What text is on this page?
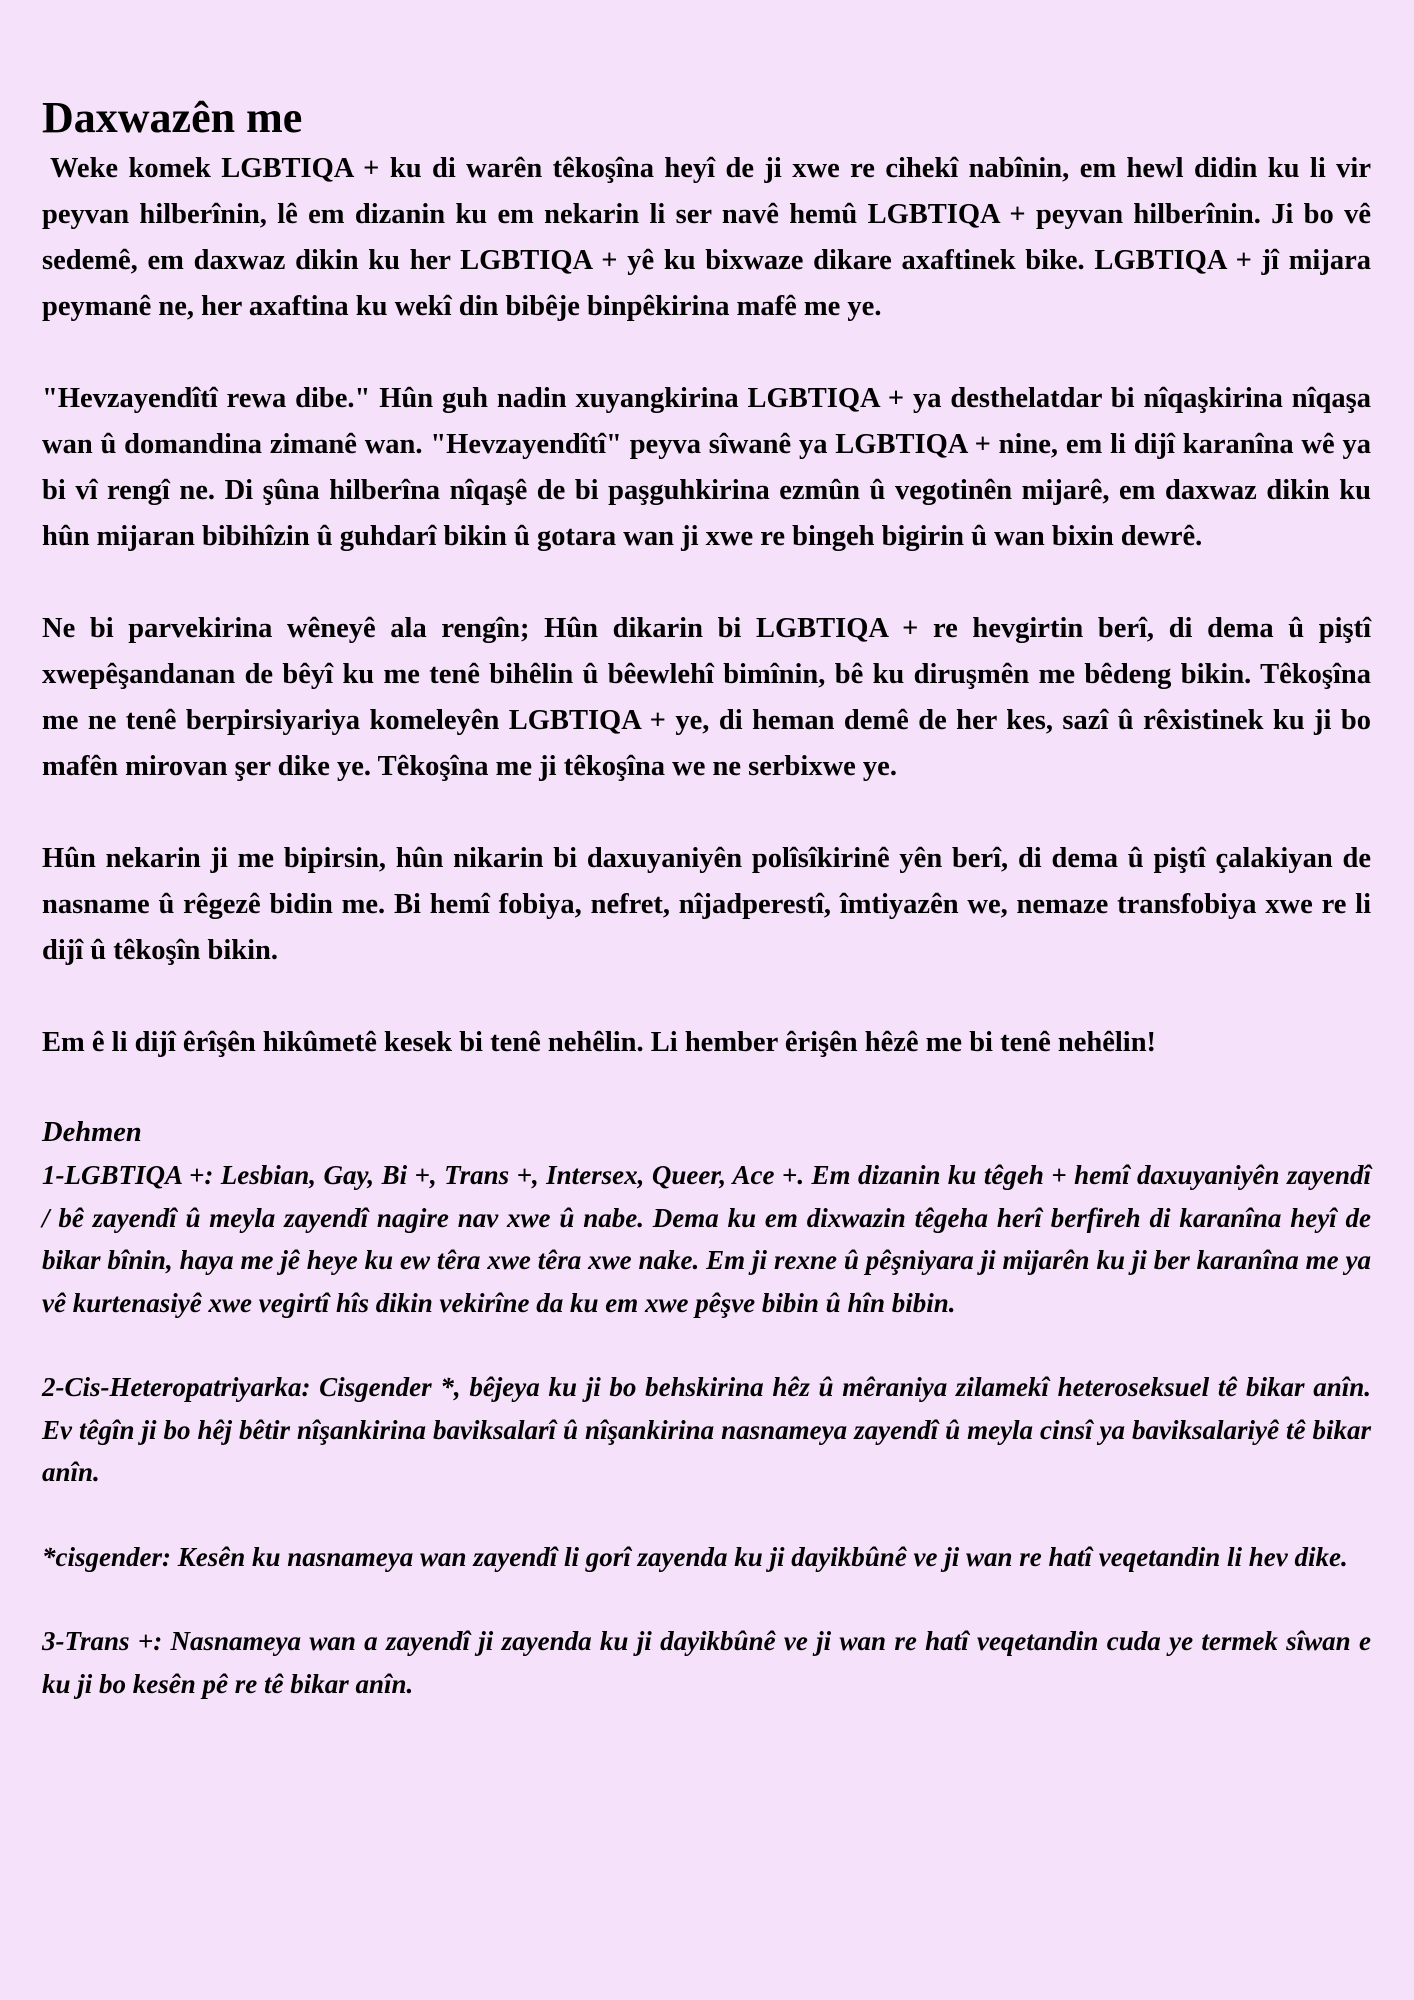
Daxwazên me

Weke komek LGBTIQA + ku di warên têkoşîna heyî de ji xwe re cihekî nabînin, em hewl didin ku li vir peyvan hilberînin, lê em dizanin ku em nekarin li ser navê hemû LGBTIQA + peyvan hilberînin. Ji bo vê sedemê, em daxwaz dikin ku her LGBTIQA + yê ku bixwaze dikare axaftinek bike. LGBTIQA + jî mijara peymanê ne, her axaftina ku wekî din bibêje binpêkirina mafê me ye.

"Hevzayendîtî rewa dibe." Hûn guh nadin xuyangkirina LGBTIQA + ya desthelatdar bi nîqaşkirina nîqaşa wan û domandina zimanê wan. "Hevzayendîtî" peyva sîwanê ya LGBTIQA + nine, em li dijî karanîna wê ya bi vî rengî ne. Di şûna hilberîna nîqaşê de bi paşguhkirina ezmûn û vegotinên mijarê, em daxwaz dikin ku hûn mijaran bibihîzin û guhdarî bikin û gotara wan ji xwe re bingeh bigirin û wan bixin dewrê.

Ne bi parvekirina wêneyê ala rengîn; Hûn dikarin bi LGBTIQA + re hevgirtin berî, di dema û piştî xwepêşandanan de bêyî ku me tenê bihêlin û bêewlehî bimînin, bê ku diruşmên me bêdeng bikin. Têkoşîna me ne tenê berpirsiyariya komeleyên LGBTIQA + ye, di heman demê de her kes, sazî û rêxistinek ku ji bo mafên mirovan şer dike ye. Têkoşîna me ji têkoşîna we ne serbixwe ye.

Hûn nekarin ji me bipirsin, hûn nikarin bi daxuyaniyên polîsîkirinê yên berî, di dema û piştî çalakiyan de nasname û rêgezê bidin me. Bi hemî fobiya, nefret, nîjadperestî, îmtiyazên we, nemaze transfobiya xwe re li dijî û têkoşîn bikin.

Em ê li dijî êrîşên hikûmetê kesek bi tenê nehêlin. Li hember êrişên hêzê me bi tenê nehêlin!

Dehmen

1-LGBTIQA +: Lesbian, Gay, Bi +, Trans +, Intersex, Queer, Ace +. Em dizanin ku têgeh + hemî daxuyaniyên zayendî / bê zayendî û meyla zayendî nagire nav xwe û nabe. Dema ku em dixwazin têgeha herî berfireh di karanîna heyî de bikar bînin, haya me jê heye ku ew têra xwe têra xwe nake. Em ji rexne û pêşniyara ji mijarên ku ji ber karanîna me ya vê kurtenasiyê xwe vegirtî hîs dikin vekirîne da ku em xwe pêşve bibin û hîn bibin.

2-Cis-Heteropatriyarka: Cisgender *, bêjeya ku ji bo behskirina hêz û mêraniya zilamekî heteroseksuel tê bikar anîn. Ev têgîn ji bo hêj bêtir nîşankirina baviksalarî û nîşankirina nasnameya zayendî û meyla cinsî ya baviksalariyê tê bikar anîn.

*cisgender: Kesên ku nasnameya wan zayendî li gorî zayenda ku ji dayikbûnê ve ji wan re hatî veqetandin li hev dike.

3-Trans +: Nasnameya wan a zayendî ji zayenda ku ji dayikbûnê ve ji wan re hatî veqetandin cuda ye termek sîwan e ku ji bo kesên pê re tê bikar anîn.
